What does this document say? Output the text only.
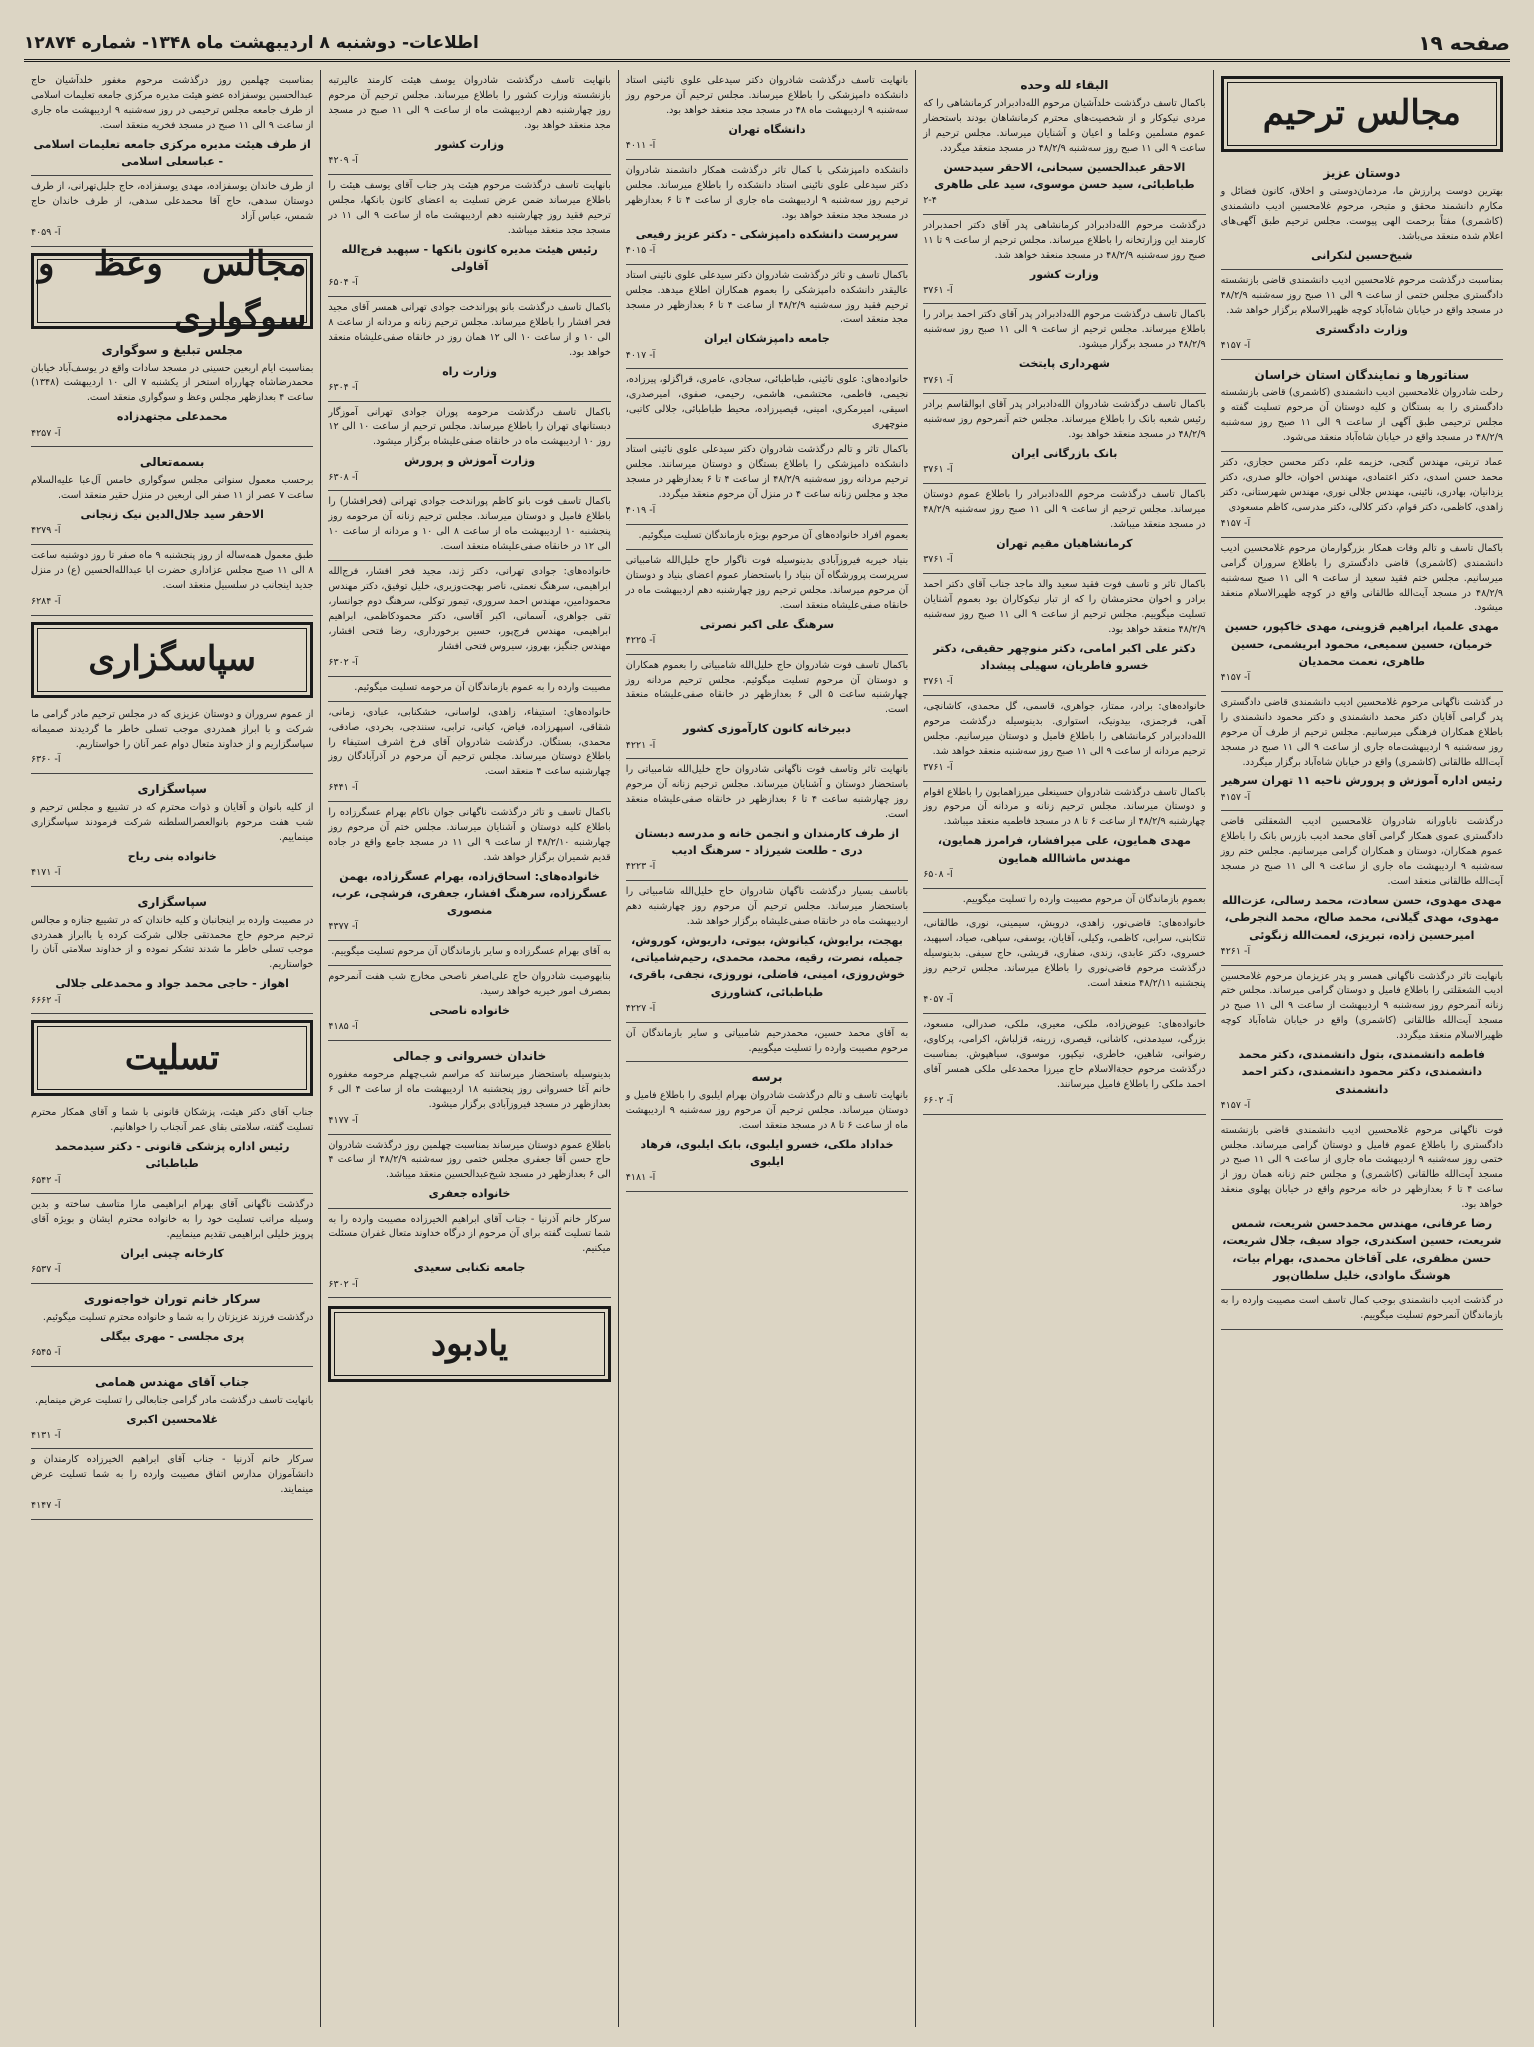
صفحه ۱۹
اطلاعات- دوشنبه ۸ اردیبهشت ماه ۱۳۴۸- شماره ۱۲۸۷۴
مجالس ترحیم
دوستان عزیز
بهترین دوست پرارزش ما، مردمان‌دوستی و اخلاق، کانون فضائل و مکارم دانشمند محقق و متبحر، مرحوم غلامحسین ادیب دانشمندی (کاشمری) مفتاً برحمت الهی پیوست. مجلس ترحیم طبق آگهی‌های اعلام شده منعقد می‌باشد.
شیخ‌حسین لنکرانی
بمناسبت درگذشت مرحوم غلامحسین ادیب دانشمندی قاضی بازنشسته دادگستری مجلس ختمی از ساعت ۹ الی ۱۱ صبح روز سه‌شنبه ۴۸/۲/۹ در مسجد واقع در خیابان شاه‌آباد کوچه ظهیرالاسلام برگزار خواهد شد.
وزارت دادگستری
آ- ۴۱۵۷
سناتورها و نمایندگان استان خراسان
رحلت شادروان غلامحسین ادیب دانشمندی (کاشمری) قاضی بازنشسته دادگستری را به بستگان و کلیه دوستان آن مرحوم تسلیت گفته و مجلس ترحیمی طبق آگهی از ساعت ۹ الی ۱۱ صبح روز سه‌شنبه ۴۸/۲/۹ در مسجد واقع در خیابان شاه‌آباد منعقد می‌شود.
عماد تربتی، مهندس گنجی، خزیمه علم، دکتر محسن حجازی، دکتر محمد حسن اسدی، دکتر اعتمادی، مهندس اخوان، خالو صدری، دکتر یزدانیان، بهادری، نائینی، مهندس جلالی نوری، مهندس شهرستانی، دکتر زاهدی، کاظمی، دکتر قوام، دکتر کلالی، دکتر مدرسی، کاظم مسعودی
آ- ۴۱۵۷
باکمال تاسف و تالم وفات همکار بزرگوارمان مرحوم غلامحسین ادیب دانشمندی (کاشمری) قاضی دادگستری را باطلاع سروران گرامی میرسانیم. مجلس ختم فقید سعید از ساعت ۹ الی ۱۱ صبح سه‌شنبه ۴۸/۲/۹ در مسجد آیت‌الله طالقانی واقع در کوچه ظهیرالاسلام منعقد میشود.
مهدی علمیا، ابراهیم قزوینی، مهدی خاکپور، حسین خرمیان، حسین سمیعی، محمود ابریشمی، حسین طاهری، نعمت محمدیان
آ- ۴۱۵۷
در گذشت ناگهانی مرحوم غلامحسین ادیب دانشمندی قاضی دادگستری پدر گرامی آقایان دکتر محمد دانشمندی و دکتر محمود دانشمندی را باطلاع همکاران فرهنگی میرسانیم. مجلس ترحیم از طرف آن مرحوم روز سه‌شنبه ۹ اردیبهشت‌ماه جاری از ساعت ۹ الی ۱۱ صبح در مسجد آیت‌الله طالقانی (کاشمری) واقع در خیابان شاه‌آباد برگزار میگردد.
رئیس اداره آموزش و پرورش ناحیه ۱۱ تهران سرهیر
آ- ۴۱۵۷
درگذشت ناباورانه شادروان غلامحسین ادیب الشعقلتی قاضی دادگستری عموی همکار گرامی آقای محمد ادیب بازرس بانک را باطلاع عموم همکاران، دوستان و همکاران گرامی میرسانیم. مجلس ختم روز سه‌شنبه ۹ اردیبهشت ماه جاری از ساعت ۹ الی ۱۱ صبح در مسجد آیت‌الله طالقانی منعقد است.
مهدی مهدوی، حسن سعادت، محمد رسالی، عزت‌الله مهدوی، مهدی گیلانی، محمد صالح، محمد النجرطی، امیرحسین زاده، تبریزی، لعمت‌الله زنگوئی
آ- ۴۲۶۱
بانهایت تاثر درگذشت ناگهانی همسر و پدر عزیزمان مرحوم غلامحسین ادیب الشعقلتی را باطلاع فامیل و دوستان گرامی میرساند. مجلس ختم زنانه آنمرحوم روز سه‌شنبه ۹ اردیبهشت از ساعت ۹ الی ۱۱ صبح در مسجد آیت‌الله طالقانی (کاشمری) واقع در خیابان شاه‌آباد کوچه ظهیرالاسلام منعقد میگردد.
فاطمه دانشمندی، بتول دانشمندی، دکتر محمد دانشمندی، دکتر محمود دانشمندی، دکتر احمد دانشمندی
آ- ۴۱۵۷
فوت ناگهانی مرحوم غلامحسین ادیب دانشمندی قاضی بازنشسته دادگستری را باطلاع عموم فامیل و دوستان گرامی میرساند. مجلس ختمی روز سه‌شنبه ۹ اردیبهشت ماه جاری از ساعت ۹ الی ۱۱ صبح در مسجد آیت‌الله طالقانی (کاشمری) و مجلس ختم زنانه همان روز از ساعت ۴ تا ۶ بعدازظهر در خانه مرحوم واقع در خیابان پهلوی منعقد خواهد بود.
رضا عرفانی، مهندس محمدحسن شریعت، شمس شریعت، حسین اسکندری، جواد سیف، جلال شریعت، حسن مظفری، علی آقاخان محمدی، بهرام بیات، هوشنگ ماوادی، خلیل سلطان‌پور
در گذشت ادیب دانشمندی بوجب کمال تاسف است مصیبت وارده را به بازماندگان آنمرحوم تسلیت میگوییم.
البقاء لله وحده
باکمال تاسف درگذشت خلدآشیان مرحوم الله‌دادبرادر کرمانشاهی را که مردی نیکوکار و از شخصیت‌های محترم کرمانشاهان بودند باستحضار عموم مسلمین وعلما و اعیان و آشنایان میرساند. مجلس ترحیم از ساعت ۹ الی ۱۱ صبح روز سه‌شنبه ۴۸/۲/۹ در مسجد منعقد میگردد.
الاحقر عبدالحسین سبحانی، الاحقر سیدحسن طباطبائی، سید حسن موسوی، سید علی طاهری
۲-۴
درگذشت مرحوم الله‌دادبرادر کرمانشاهی پدر آقای دکتر احمدبرادر کارمند این وزارتخانه را باطلاع میرساند. مجلس ترحیم از ساعت ۹ تا ۱۱ صبح روز سه‌شنبه ۴۸/۲/۹ در مسجد منعقد خواهد شد.
وزارت کشور
آ- ۳۷۶۱
باکمال تاسف درگذشت مرحوم الله‌دادبرادر پدر آقای دکتر احمد برادر را باطلاع میرساند. مجلس ترحیم از ساعت ۹ الی ۱۱ صبح روز سه‌شنبه ۴۸/۲/۹ در مسجد برگزار میشود.
شهرداری پایتخت
آ- ۳۷۶۱
باکمال تاسف درگذشت شادروان الله‌دادبرادر پدر آقای ابوالقاسم برادر رئیس شعبه بانک را باطلاع میرساند. مجلس ختم آنمرحوم روز سه‌شنبه ۴۸/۲/۹ در مسجد منعقد خواهد بود.
بانک بازرگانی ایران
آ- ۳۷۶۱
باکمال تاسف درگذشت مرحوم الله‌دادبرادر را باطلاع عموم دوستان میرساند. مجلس ترحیم از ساعت ۹ الی ۱۱ صبح روز سه‌شنبه ۴۸/۲/۹ در مسجد منعقد میباشد.
کرمانشاهیان مقیم تهران
آ- ۳۷۶۱
باکمال تاثر و تاسف فوت فقید سعید والد ماجد جناب آقای دکتر احمد برادر و اخوان محترمشان را که از تبار نیکوکاران بود بعموم آشنایان تسلیت میگوییم. مجلس ترحیم از ساعت ۹ الی ۱۱ صبح روز سه‌شنبه ۴۸/۲/۹ منعقد خواهد بود.
دکتر علی اکبر امامی، دکتر منوچهر حقیقی، دکتر خسرو فاطریان، سهیلی پیشداد
آ- ۳۷۶۱
خانواده‌های: برادر، ممتاز، جواهری، قاسمی، گل محمدی، کاشانچی، آهی، فرجمزی، بیدونیک، استواری. بدینوسیله درگذشت مرحوم الله‌دادبرادر کرمانشاهی را باطلاع فامیل و دوستان میرسانیم. مجلس ترحیم مردانه از ساعت ۹ الی ۱۱ صبح روز سه‌شنبه منعقد خواهد شد.
آ- ۳۷۶۱
باکمال تاسف درگذشت شادروان حسینعلی میرزاهمایون را باطلاع اقوام و دوستان میرساند. مجلس ترحیم زنانه و مردانه آن مرحوم روز چهارشنبه ۴۸/۲/۹ از ساعت ۶ تا ۸ در مسجد فاطمیه منعقد میباشد.
مهدی همایون، علی میرافشار، فرامرز همایون، مهندس ماشاالله همایون
آ- ۶۵۰۸
بعموم بازماندگان آن مرحوم مصیبت وارده را تسلیت میگوییم.
خانواده‌های: قاضی‌نور، زاهدی، درویش، سیمینی، نوری، طالقانی، تنکابنی، سرابی، کاظمی، وکیلی، آقایان، یوسفی، سپاهی، صیاد، اسپهبد، خسروی، دکتر عابدی، زندی، صفاری، قریشی، حاج سیفی. بدینوسیله درگذشت مرحوم قاضی‌نوری را باطلاع میرساند. مجلس ترحیم روز پنجشنبه ۴۸/۲/۱۱ منعقد است.
آ- ۴۰۵۷
خانواده‌های: عیوض‌زاده، ملکی، معیری، ملکی، صدرالی، مسعود، بزرگی، سیدمدنی، کاشانی، قیصری، زرینه، قزلباش، اکرامی، پرکاوی، رضوانی، شاهین، خاطری، نیکپور، موسوی، سیاهپوش. بمناسبت درگذشت مرحوم حجة‌الاسلام حاج میرزا محمدعلی ملکی همسر آقای احمد ملکی را باطلاع فامیل میرسانند.
آ- ۶۶۰۲
بانهایت تاسف درگذشت شادروان دکتر سیدعلی علوی نائینی استاد دانشکده دامپزشکی را باطلاع میرساند. مجلس ترحیم آن مرحوم روز سه‌شنبه ۹ اردیبهشت ماه ۴۸ در مسجد مجد منعقد خواهد بود.
دانشگاه تهران
آ- ۴۰۱۱
دانشکده دامپزشکی با کمال تاثر درگذشت همکار دانشمند شادروان دکتر سیدعلی علوی نائینی استاد دانشکده را باطلاع میرساند. مجلس ترحیم روز سه‌شنبه ۹ اردیبهشت ماه جاری از ساعت ۴ تا ۶ بعدازظهر در مسجد مجد منعقد خواهد بود.
سرپرست دانشکده دامپزشکی - دکتر عزیز رفیعی
آ- ۴۰۱۵
باکمال تاسف و تاثر درگذشت شادروان دکتر سیدعلی علوی نائینی استاد عالیقدر دانشکده دامپزشکی را بعموم همکاران اطلاع میدهد. مجلس ترحیم فقید روز سه‌شنبه ۴۸/۲/۹ از ساعت ۴ تا ۶ بعدازظهر در مسجد مجد منعقد است.
جامعه دامپزشکان ایران
آ- ۴۰۱۷
خانواده‌های: علوی نائینی، طباطبائی، سجادی، عامری، قراگزلو، پیرزاده، نجیمی، فاطمی، محتشمی، هاشمی، رحیمی، صفوی، امیرصدری، اسیقی، امیرمکری، امینی، قیصیرزاده، محیط طباطبائی، جلالی کاتبی، منوچهری
باکمال تاثر و تالم درگذشت شادروان دکتر سیدعلی علوی نائینی استاد دانشکده دامپزشکی را باطلاع بستگان و دوستان میرسانند. مجلس ترحیم مردانه روز سه‌شنبه ۴۸/۲/۹ از ساعت ۴ تا ۶ بعدازظهر در مسجد مجد و مجلس زنانه ساعت ۴ در منزل آن مرحوم منعقد میگردد.
آ- ۴۰۱۹
بعموم افراد خانواده‌های آن مرحوم بویژه بازماندگان تسلیت میگوئیم.
بنیاد خیریه فیروزآبادی بدینوسیله فوت ناگوار حاج خلیل‌الله شامبیاتی سرپرست پرورشگاه آن بنیاد را باستحضار عموم اعضای بنیاد و دوستان آن مرحوم میرساند. مجلس ترحیم روز چهارشنبه دهم اردیبهشت ماه در خانقاه صفی‌علیشاه منعقد است.
سرهنگ علی اکبر نصرتی
آ- ۴۲۲۵
باکمال تاسف فوت شادروان حاج خلیل‌الله شامبیاتی را بعموم همکاران و دوستان آن مرحوم تسلیت میگوئیم. مجلس ترحیم مردانه روز چهارشنبه ساعت ۵ الی ۶ بعدازظهر در خانقاه صفی‌علیشاه منعقد است.
دبیرخانه کانون کارآموزی کشور
آ- ۴۲۲۱
بانهایت تاثر وتاسف فوت ناگهانی شادروان حاج خلیل‌الله شامبیاتی را باستحضار دوستان و آشنایان میرساند. مجلس ترحیم زنانه آن مرحوم روز چهارشنبه ساعت ۴ تا ۶ بعدازظهر در خانقاه صفی‌علیشاه منعقد است.
از طرف کارمندان و انجمن خانه و مدرسه دبستان دری - طلعت شیرزاد - سرهنگ ادیب
آ- ۴۲۲۳
باتاسف بسیار درگذشت ناگهان شادروان حاج خلیل‌الله شامبیاتی را باستحضار میرساند. مجلس ترحیم آن مرحوم روز چهارشنبه دهم اردیبهشت ماه در خانقاه صفی‌علیشاه برگزار خواهد شد.
بهجت، برایوش، کیانوش، بیوتی، داریوش، کوروش، جمیله، نصرت، رقیه، محمد، محمدی، رحیم‌شامیاتی، خوش‌روزی، امینی، فاضلی، نوروزی، نجفی، باقری، طباطبائی، کشاورزی
آ- ۴۲۲۷
به آقای محمد حسین، محمدرحیم شامبیاتی و سایر بازماندگان آن مرحوم مصیبت وارده را تسلیت میگوییم.
برسه
بانهایت تاسف و تالم درگذشت شادروان بهرام ایلبوی را باطلاع فامیل و دوستان میرساند. مجلس ترحیم آن مرحوم روز سه‌شنبه ۹ اردیبهشت ماه از ساعت ۶ تا ۸ در مسجد منعقد است.
خداداد ملکی، خسرو ایلبوی، بابک ایلبوی، فرهاد ایلبوی
آ- ۴۱۸۱
بانهایت تاسف درگذشت شادروان یوسف هیئت کارمند عالیرتبه بازنشسته وزارت کشور را باطلاع میرساند. مجلس ترحیم آن مرحوم روز چهارشنبه دهم اردیبهشت ماه از ساعت ۹ الی ۱۱ صبح در مسجد مجد منعقد خواهد بود.
وزارت کشور
آ- ۴۲۰۹
بانهایت تاسف درگذشت مرحوم هیئت پدر جناب آقای یوسف هیئت را باطلاع میرساند ضمن عرض تسلیت به اعضای کانون بانکها، مجلس ترحیم فقید روز چهارشنبه دهم اردیبهشت ماه از ساعت ۹ الی ۱۱ در مسجد مجد منعقد میباشد.
رئیس هیئت مدیره کانون بانکها - سپهبد فرج‌الله آقاولی
آ- ۶۵۰۴
باکمال تاسف درگذشت بانو پوراندخت جوادی تهرانی همسر آقای مجید فخر افشار را باطلاع میرساند. مجلس ترحیم زنانه و مردانه از ساعت ۸ الی ۱۰ و از ساعت ۱۰ الی ۱۲ همان روز در خانقاه صفی‌علیشاه منعقد خواهد بود.
وزارت راه
آ- ۶۳۰۴
باکمال تاسف درگذشت مرحومه پوران جوادی تهرانی آموزگار دبستانهای تهران را باطلاع میرساند. مجلس ترحیم از ساعت ۱۰ الی ۱۲ روز ۱۰ اردیبهشت ماه در خانقاه صفی‌علیشاه برگزار میشود.
وزارت آموزش و پرورش
آ- ۶۳۰۸
باکمال تاسف فوت بانو کاظم پوراندخت جوادی تهرانی (فخرافشار) را باطلاع فامیل و دوستان میرساند. مجلس ترحیم زنانه آن مرحومه روز پنجشنبه ۱۰ اردیبهشت ماه از ساعت ۸ الی ۱۰ و مردانه از ساعت ۱۰ الی ۱۲ در خانقاه صفی‌علیشاه منعقد است.
خانواده‌های: جوادی تهرانی، دکتر ژند، مجید فخر افشار، فرج‌الله ابراهیمی، سرهنگ نعمتی، ناصر بهجت‌وزیری، خلیل توفیق، دکتر مهندس محمودامین، مهندس احمد سروری، تیمور توکلی، سرهنگ دوم جوانسار، تقی جواهری، آسمانی، اکبر آقاسی، دکتر محمودکاظمی، ابراهیم ابراهیمی، مهندس فرج‌پور، حسین برخورداری، رضا فتحی افشار، مهندس جنگیز، بهروز، سیروس فتحی افشار
آ- ۶۳۰۲
مصیبت وارده را به عموم بازماندگان آن مرحومه تسلیت میگوئیم.
خانواده‌های: استیفاء، زاهدی، لواسانی، خشکنابی، عبادی، زمانی، شقاقی، اسپهرزاده، فیاض، کیانی، ترابی، سنندجی، بخردی، صادقی، محمدی، بستگان. درگذشت شادروان آقای فرخ اشرف استیفاء را باطلاع دوستان میرساند. مجلس ترحیم آن مرحوم در آذرآبادگان روز چهارشنبه ساعت ۴ منعقد است.
آ- ۶۴۴۱
باکمال تاسف و تاثر درگذشت ناگهانی جوان ناکام بهرام عسگرزاده را باطلاع کلیه دوستان و آشنایان میرساند. مجلس ختم آن مرحوم روز چهارشنبه ۴۸/۲/۱۰ از ساعت ۹ الی ۱۱ در مسجد جامع واقع در جاده قدیم شمیران برگزار خواهد شد.
خانواده‌های: اسحاق‌زاده، بهرام عسگرزاده، بهمن عسگرزاده، سرهنگ افشار، جعفری، فرشچی، عرب، منصوری
آ- ۴۳۷۷
به آقای بهرام عسگرزاده و سایر بازماندگان آن مرحوم تسلیت میگوییم.
بنابهوصیت شادروان حاج علی‌اصغر ناصحی مخارج شب هفت آنمرحوم بمصرف امور خیریه خواهد رسید.
خانواده ناصحی
آ- ۴۱۸۵
خاندان خسروانی و جمالی
بدینوسیله باستحضار میرسانند که مراسم شب‌چهلم مرحومه مغفوره خانم آغا خسروانی روز پنجشنبه ۱۸ اردیبهشت ماه از ساعت ۴ الی ۶ بعدازظهر در مسجد فیروزآبادی برگزار میشود.
آ- ۴۱۷۷
باطلاع عموم دوستان میرساند بمناسبت چهلمین روز درگذشت شادروان حاج حسن آقا جعفری مجلس ختمی روز سه‌شنبه ۴۸/۲/۹ از ساعت ۴ الی ۶ بعدازظهر در مسجد شیخ‌عبدالحسین منعقد میباشد.
خانواده جعفری
سرکار خانم آذرنیا - جناب آقای ابراهیم الخیرزاده مصیبت وارده را به شما تسلیت گفته برای آن مرحوم از درگاه خداوند متعال غفران مسئلت میکنیم.
جامعه تکنابی سعیدی
آ- ۶۳۰۲
یادبود
بمناسبت چهلمین روز درگذشت مرحوم مغفور خلدآشیان حاج عبدالحسین یوسفزاده عضو هیئت مدیره مرکزی جامعه تعلیمات اسلامی از طرف جامعه مجلس ترحیمی در روز سه‌شنبه ۹ اردیبهشت ماه جاری از ساعت ۹ الی ۱۱ صبح در مسجد فخریه منعقد است.
از طرف هیئت مدیره مرکزی جامعه تعلیمات اسلامی - عباسعلی اسلامی
از طرف خاندان یوسفزاده، مهدی یوسفزاده، حاج جلیل‌تهرانی، از طرف دوستان سدهی، حاج آقا محمدعلی سدهی، از طرف خاندان حاج شمس، عباس آزاد
آ- ۴۰۵۹
مجالس وعظ و سوگواری
مجلس تبلیغ و سوگواری
بمناسبت ایام اربعین حسینی در مسجد سادات واقع در یوسف‌آباد خیابان محمدرضاشاه چهارراه استخر از یکشنبه ۷ الی ۱۰ اردیبهشت (۱۳۴۸) ساعت ۴ بعدازظهر مجلس وعظ و سوگواری منعقد است.
محمدعلی مجتهدزاده
آ- ۴۲۵۷
بسمه‌تعالی
برحسب معمول سنواتی مجلس سوگواری خامس آل‌عبا علیه‌السلام ساعت ۷ عصر از ۱۱ صفر الی اربعین در منزل حقیر منعقد است.
الاحقر سید جلال‌الدین نیک زنجانی
آ- ۴۲۷۹
طبق معمول همه‌ساله از روز پنجشنبه ۹ ماه صفر تا روز دوشنبه ساعت ۸ الی ۱۱ صبح مجلس عزاداری حضرت ابا عبدالله‌الحسین (ع) در منزل جدید اینجانب در سلسبیل منعقد است.
آ- ۶۲۸۴
سپاسگزاری
از عموم سروران و دوستان عزیزی که در مجلس ترحیم مادر گرامی ما شرکت و با ابراز همدردی موجب تسلی خاطر ما گردیدند صمیمانه سپاسگزاریم و از خداوند متعال دوام عمر آنان را خواستاریم.
آ- ۶۳۶۰
سپاسگزاری
از کلیه بانوان و آقایان و ذوات محترم که در تشییع و مجلس ترحیم و شب هفت مرحوم بانوالعصرالسلطنه شرکت فرمودند سپاسگزاری مینماییم.
خانواده بنی رباح
آ- ۴۱۷۱
سپاسگزاری
در مصیبت وارده بر اینجانبان و کلیه خاندان که در تشییع جنازه و مجالس ترحیم مرحوم حاج محمدتقی جلالی شرکت کرده یا باابراز همدردی موجب تسلی خاطر ما شدند تشکر نموده و از خداوند سلامتی آنان را خواستاریم.
اهواز - حاجی محمد جواد و محمدعلی جلالی
آ- ۶۶۶۲
تسلیت
جناب آقای دکتر هیئت، پزشکان قانونی با شما و آقای همکار محترم تسلیت گفته، سلامتی بقای عمر آنجناب را خواهانیم.
رئیس اداره پزشکی قانونی - دکتر سیدمحمد طباطبائی
آ- ۶۵۴۲
درگذشت ناگهانی آقای بهرام ابراهیمی مارا متاسف ساخته و بدین وسیله مراتب تسلیت خود را به خانواده محترم ایشان و بویژه آقای پرویز خلیلی ابراهیمی تقدیم مینماییم.
کارخانه چینی ایران
آ- ۶۵۳۷
سرکار خانم توران خواجه‌نوری
درگذشت فرزند عزیزتان را به شما و خانواده محترم تسلیت میگوئیم.
پری مجلسی - مهری بیگلی
آ- ۶۵۴۵
جناب آقای مهندس همامی
بانهایت تاسف درگذشت مادر گرامی جنابعالی را تسلیت عرض مینمایم.
غلامحسین اکبری
آ- ۴۱۳۱
سرکار خانم آذرنیا - جناب آقای ابراهیم الخیرزاده کارمندان و دانشآموزان مدارس اتفاق مصیبت وارده را به شما تسلیت عرض مینمایند.
آ- ۴۱۴۷
